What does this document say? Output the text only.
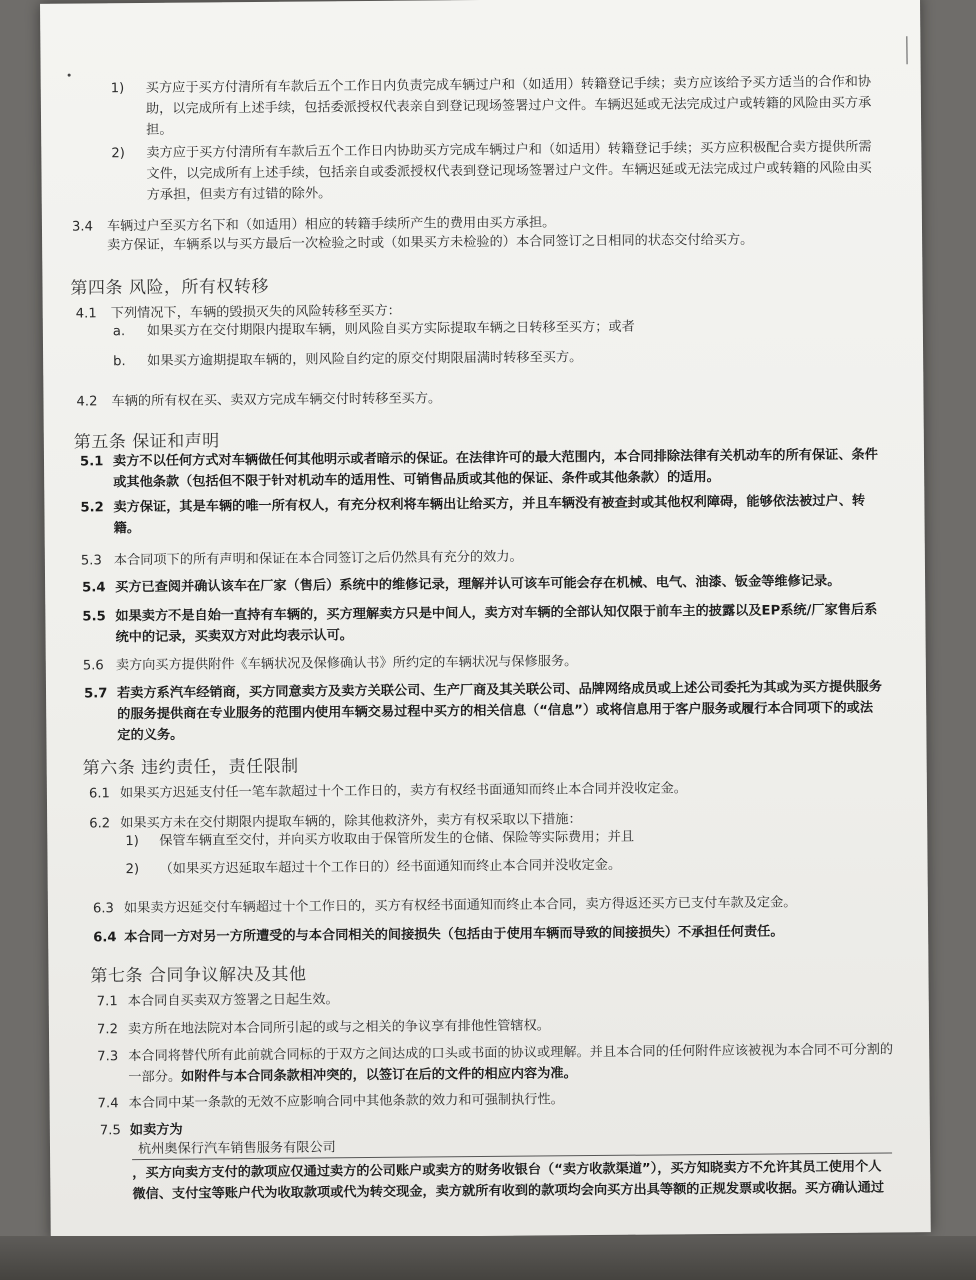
1) 买方应于买方付清所有车款后五个工作日内负责完成车辆过户和（如适用）转籍登记手续；卖方应该给予买方适当的合作和协助，以完成所有上述手续，包括委派授权代表亲自到登记现场签署过户文件。车辆迟延或无法完成过户或转籍的风险由买方承担。
2) 卖方应于买方付清所有车款后五个工作日内协助买方完成车辆过户和（如适用）转籍登记手续；买方应积极配合卖方提供所需文件，以完成所有上述手续，包括亲自或委派授权代表到登记现场签署过户文件。车辆迟延或无法完成过户或转籍的风险由买方承担，但卖方有过错的除外。
3.4 车辆过户至买方名下和（如适用）相应的转籍手续所产生的费用由买方承担。
卖方保证，车辆系以与买方最后一次检验之时或（如果买方未检验的）本合同签订之日相同的状态交付给买方。
第四条 风险，所有权转移
4.1 下列情况下，车辆的毁损灭失的风险转移至买方：
a. 如果买方在交付期限内提取车辆，则风险自买方实际提取车辆之日转移至买方；或者
b. 如果买方逾期提取车辆的，则风险自约定的原交付期限届满时转移至买方。
4.2 车辆的所有权在买、卖双方完成车辆交付时转移至买方。
第五条 保证和声明
5.1 卖方不以任何方式对车辆做任何其他明示或者暗示的保证。在法律许可的最大范围内，本合同排除法律有关机动车的所有保证、条件或其他条款（包括但不限于针对机动车的适用性、可销售品质或其他的保证、条件或其他条款）的适用。
5.2 卖方保证，其是车辆的唯一所有权人，有充分权利将车辆出让给买方，并且车辆没有被查封或其他权利障碍，能够依法被过户、转籍。
5.3 本合同项下的所有声明和保证在本合同签订之后仍然具有充分的效力。
5.4 买方已查阅并确认该车在厂家（售后）系统中的维修记录，理解并认可该车可能会存在机械、电气、油漆、钣金等维修记录。
5.5 如果卖方不是自始一直持有车辆的，买方理解卖方只是中间人，卖方对车辆的全部认知仅限于前车主的披露以及EP系统/厂家售后系统中的记录，买卖双方对此均表示认可。
5.6 卖方向买方提供附件《车辆状况及保修确认书》所约定的车辆状况与保修服务。
5.7 若卖方系汽车经销商，买方同意卖方及卖方关联公司、生产厂商及其关联公司、品牌网络成员或上述公司委托为其或为买方提供服务的服务提供商在专业服务的范围内使用车辆交易过程中买方的相关信息（“信息”）或将信息用于客户服务或履行本合同项下的或法定的义务。
第六条 违约责任，责任限制
6.1 如果买方迟延支付任一笔车款超过十个工作日的，卖方有权经书面通知而终止本合同并没收定金。
6.2 如果买方未在交付期限内提取车辆的，除其他救济外，卖方有权采取以下措施：
1) 保管车辆直至交付，并向买方收取由于保管所发生的仓储、保险等实际费用；并且
2) （如果买方迟延取车超过十个工作日的）经书面通知而终止本合同并没收定金。
6.3 如果卖方迟延交付车辆超过十个工作日的，买方有权经书面通知而终止本合同，卖方得返还买方已支付车款及定金。
6.4 本合同一方对另一方所遭受的与本合同相关的间接损失（包括由于使用车辆而导致的间接损失）不承担任何责任。
第七条 合同争议解决及其他
7.1 本合同自买卖双方签署之日起生效。
7.2 卖方所在地法院对本合同所引起的或与之相关的争议享有排他性管辖权。
7.3 本合同将替代所有此前就合同标的于双方之间达成的口头或书面的协议或理解。并且本合同的任何附件应该被视为本合同不可分割的一部分。如附件与本合同条款相冲突的，以签订在后的文件的相应内容为准。
7.4 本合同中某一条款的无效不应影响合同中其他条款的效力和可强制执行性。
7.5 如卖方为
杭州奥保行汽车销售服务有限公司
，买方向卖方支付的款项应仅通过卖方的公司账户或卖方的财务收银台（“卖方收款渠道”），买方知晓卖方不允许其员工使用个人微信、支付宝等账户代为收取款项或代为转交现金，卖方就所有收到的款项均会向买方出具等额的正规发票或收据。买方确认通过
